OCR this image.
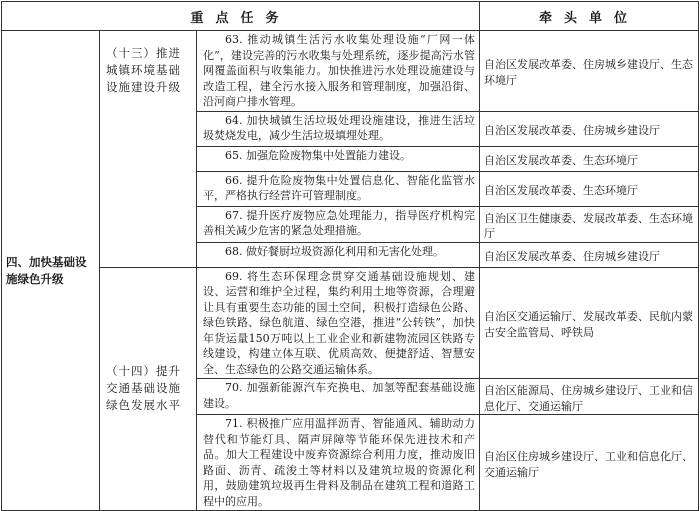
重点任务			牵头单位
四、加快基础设施绿色升级	（十三）推进城镇环境基础设施建设升级	63. 推动城镇生活污水收集处理设施“厂网一体化”，建设完善的污水收集与处理系统，逐步提高污水管网覆盖面积与收集能力。加快推进污水处理设施建设与改造工程，建全污水接入服务和管理制度，加强沿街、沿河商户排水管理。	自治区发展改革委、住房城乡建设厅、生态环境厅
		64. 加快城镇生活垃圾处理设施建设，推进生活垃圾焚烧发电，减少生活垃圾填埋处理。	自治区发展改革委、住房城乡建设厅
		65. 加强危险废物集中处置能力建设。	自治区发展改革委、生态环境厅
		66. 提升危险废物集中处置信息化、智能化监管水平，严格执行经营许可管理制度。	自治区发展改革委、生态环境厅
		67. 提升医疗废物应急处理能力，指导医疗机构完善相关减少危害的紧急处理措施。	自治区卫生健康委、发展改革委、生态环境厅
		68. 做好餐厨垃圾资源化利用和无害化处理。	自治区发展改革委、住房城乡建设厅
	（十四）提升交通基础设施绿色发展水平	69. 将生态环保理念贯穿交通基础设施规划、建设、运营和维护全过程，集约利用土地等资源，合理避让具有重要生态功能的国土空间，积极打造绿色公路、绿色铁路、绿色航道、绿色空港，推进“公转铁”，加快年货运量150万吨以上工业企业和新建物流园区铁路专线建设，构建立体互联、优质高效、便捷舒适、智慧安全、生态绿色的公路交通运输体系。	自治区交通运输厅、发展改革委、民航内蒙古安全监管局、呼铁局
		70. 加强新能源汽车充换电、加氢等配套基础设施建设。	自治区能源局、住房城乡建设厅、工业和信息化厅、交通运输厅
		71. 积极推广应用温拌沥青、智能通风、辅助动力替代和节能灯具、隔声屏障等节能环保先进技术和产品。加大工程建设中废弃资源综合利用力度，推动废旧路面、沥青、疏浚土等材料以及建筑垃圾的资源化利用，鼓励建筑垃圾再生骨料及制品在建筑工程和道路工程中的应用。	自治区住房城乡建设厅、工业和信息化厅、交通运输厅
